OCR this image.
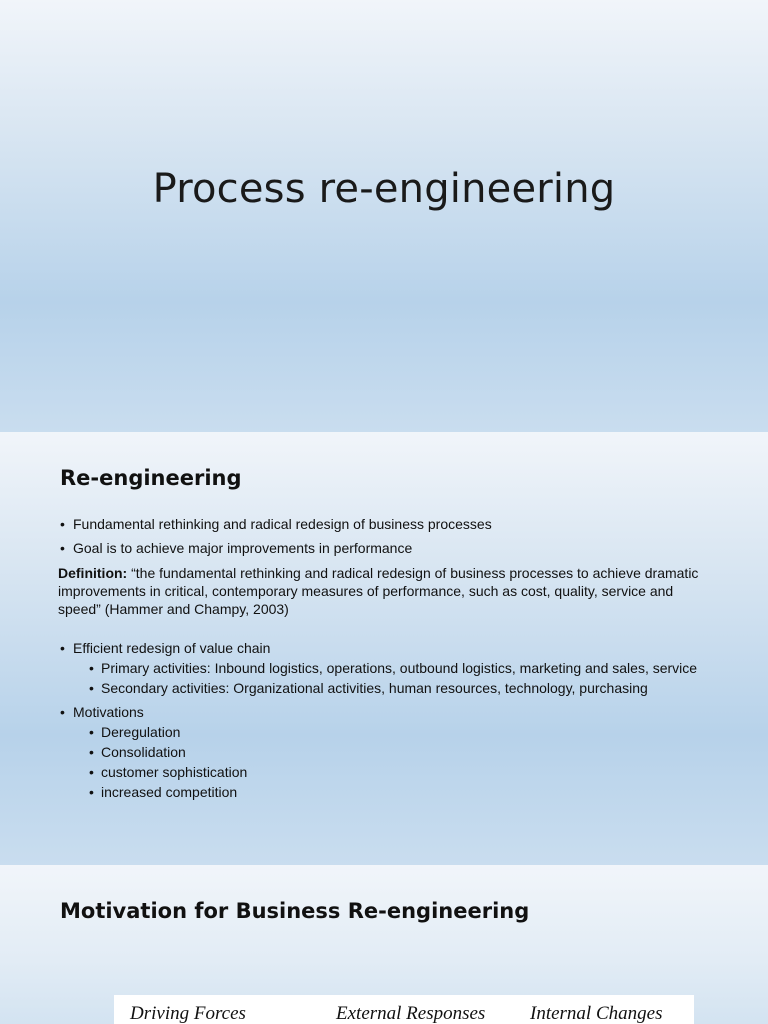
Process re-engineering
Re-engineering
• Fundamental rethinking and radical redesign of business processes
• Goal is to achieve major improvements in performance

Definition: “the fundamental rethinking and radical redesign of business processes to achieve dramatic improvements in critical, contemporary measures of performance, such as cost, quality, service and speed” (Hammer and Champy, 2003)

• Efficient redesign of value chain
• Primary activities: Inbound logistics, operations, outbound logistics, marketing and sales, service
• Secondary activities: Organizational activities, human resources, technology, purchasing
• Motivations
• Deregulation
• Consolidation
• customer sophistication
• increased competition
Motivation for Business Re-engineering
Driving Forces	External Responses Internal Changes
